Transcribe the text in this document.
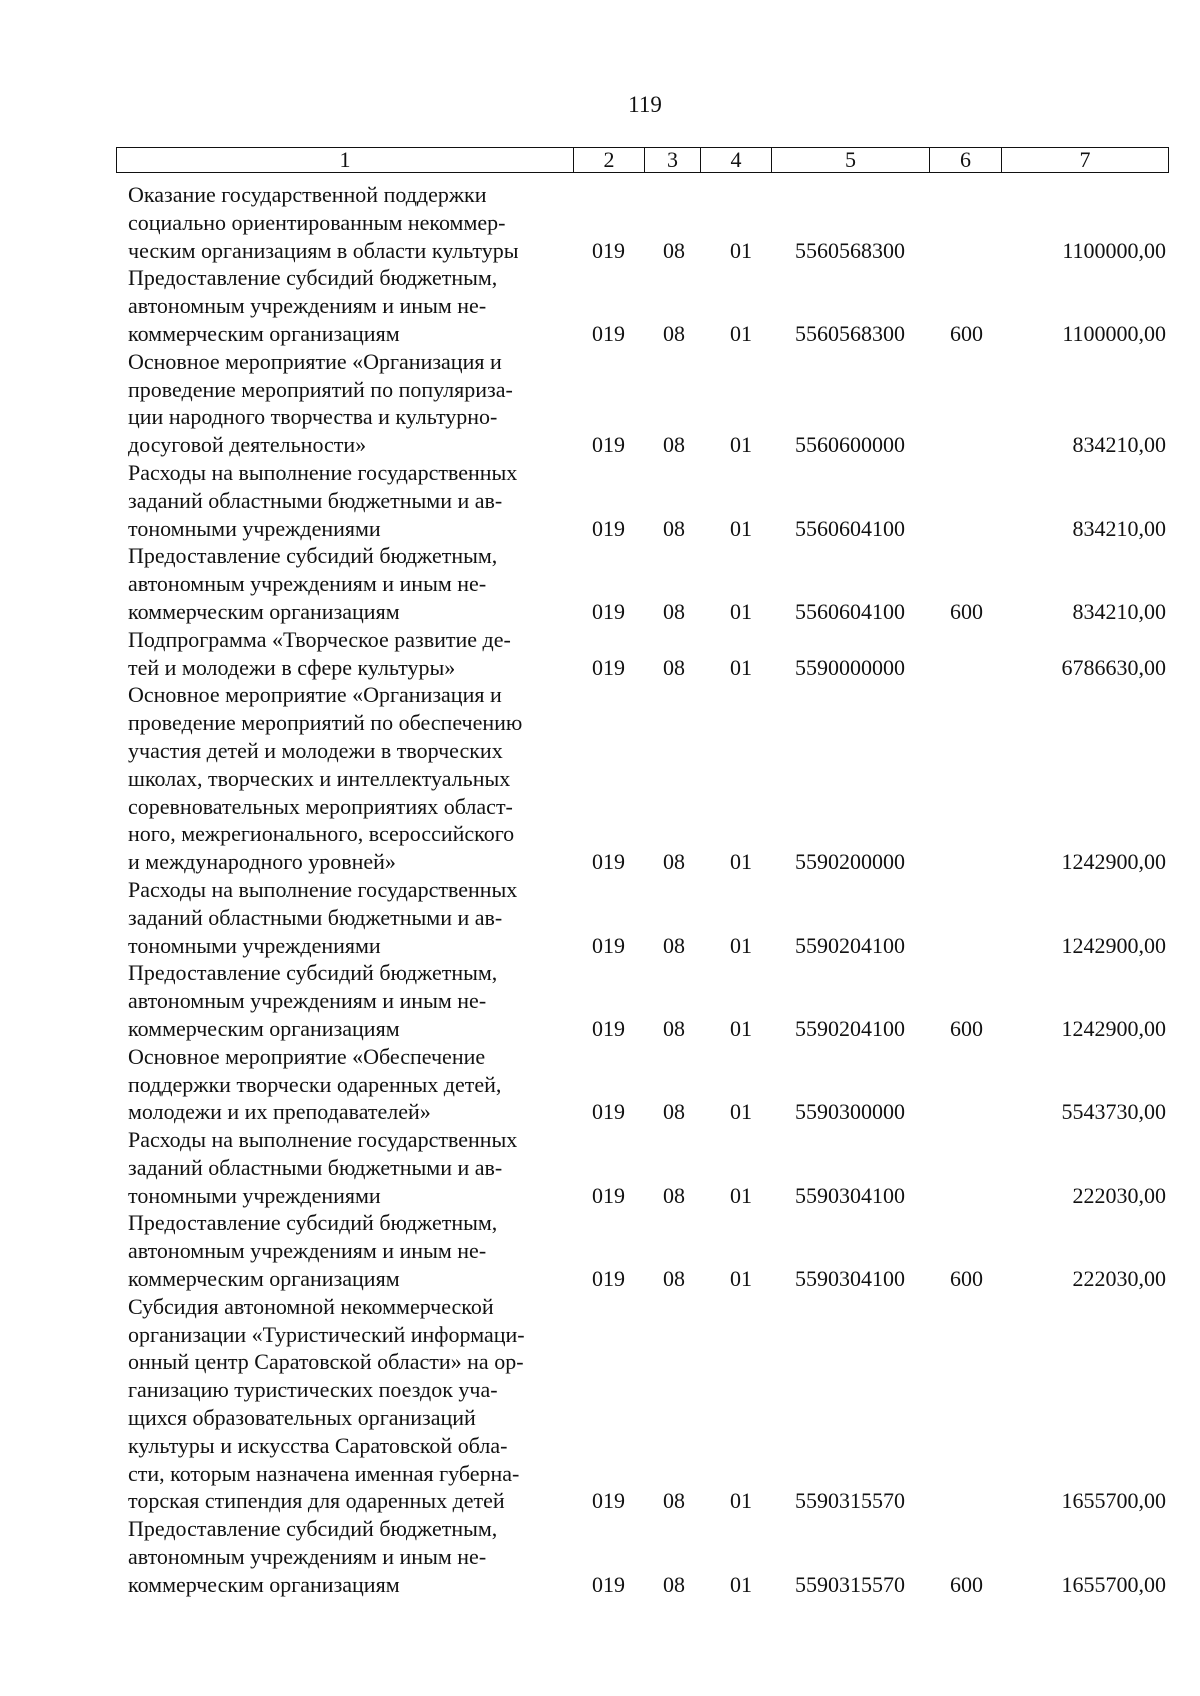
119
1	2	3	4	5	6	7
Оказание государственной поддержки
социально ориентированным некоммер-
ческим организациям в области культуры	019 08 01 5560568300	1100000,00
Предоставление субсидий бюджетным,
автономным учреждениям и иным не-
коммерческим организациям	019 08 01 5560568300 600	1100000,00
Основное мероприятие «Организация и
проведение мероприятий по популяриза-
ции народного творчества и культурно-
досуговой деятельности»	019 08 01 5560600000	834210,00
Расходы на выполнение государственных
заданий областными бюджетными и ав-
тономными учреждениями	019 08 01 5560604100	834210,00
Предоставление субсидий бюджетным,
автономным учреждениям и иным не-
коммерческим организациям	019 08 01 5560604100 600	834210,00
Подпрограмма «Творческое развитие де-
тей и молодежи в сфере культуры»	019 08 01 5590000000	6786630,00
Основное мероприятие «Организация и
проведение мероприятий по обеспечению
участия детей и молодежи в творческих
школах, творческих и интеллектуальных
соревновательных мероприятиях област-
ного, межрегионального, всероссийского
и международного уровней»	019 08 01 5590200000	1242900,00
Расходы на выполнение государственных
заданий областными бюджетными и ав-
тономными учреждениями	019 08 01 5590204100	1242900,00
Предоставление субсидий бюджетным,
автономным учреждениям и иным не-
коммерческим организациям	019 08 01 5590204100 600	1242900,00
Основное мероприятие «Обеспечение
поддержки творчески одаренных детей,
молодежи и их преподавателей»	019 08 01 5590300000	5543730,00
Расходы на выполнение государственных
заданий областными бюджетными и ав-
тономными учреждениями	019 08 01 5590304100	222030,00
Предоставление субсидий бюджетным,
автономным учреждениям и иным не-
коммерческим организациям	019 08 01 5590304100 600	222030,00
Субсидия автономной некоммерческой
организации «Туристический информаци-
онный центр Саратовской области» на ор-
ганизацию туристических поездок уча-
щихся образовательных организаций
культуры и искусства Саратовской обла-
сти, которым назначена именная губерна-
торская стипендия для одаренных детей	019 08 01 5590315570	1655700,00
Предоставление субсидий бюджетным,
автономным учреждениям и иным не-
коммерческим организациям	019 08 01 5590315570 600	1655700,00
